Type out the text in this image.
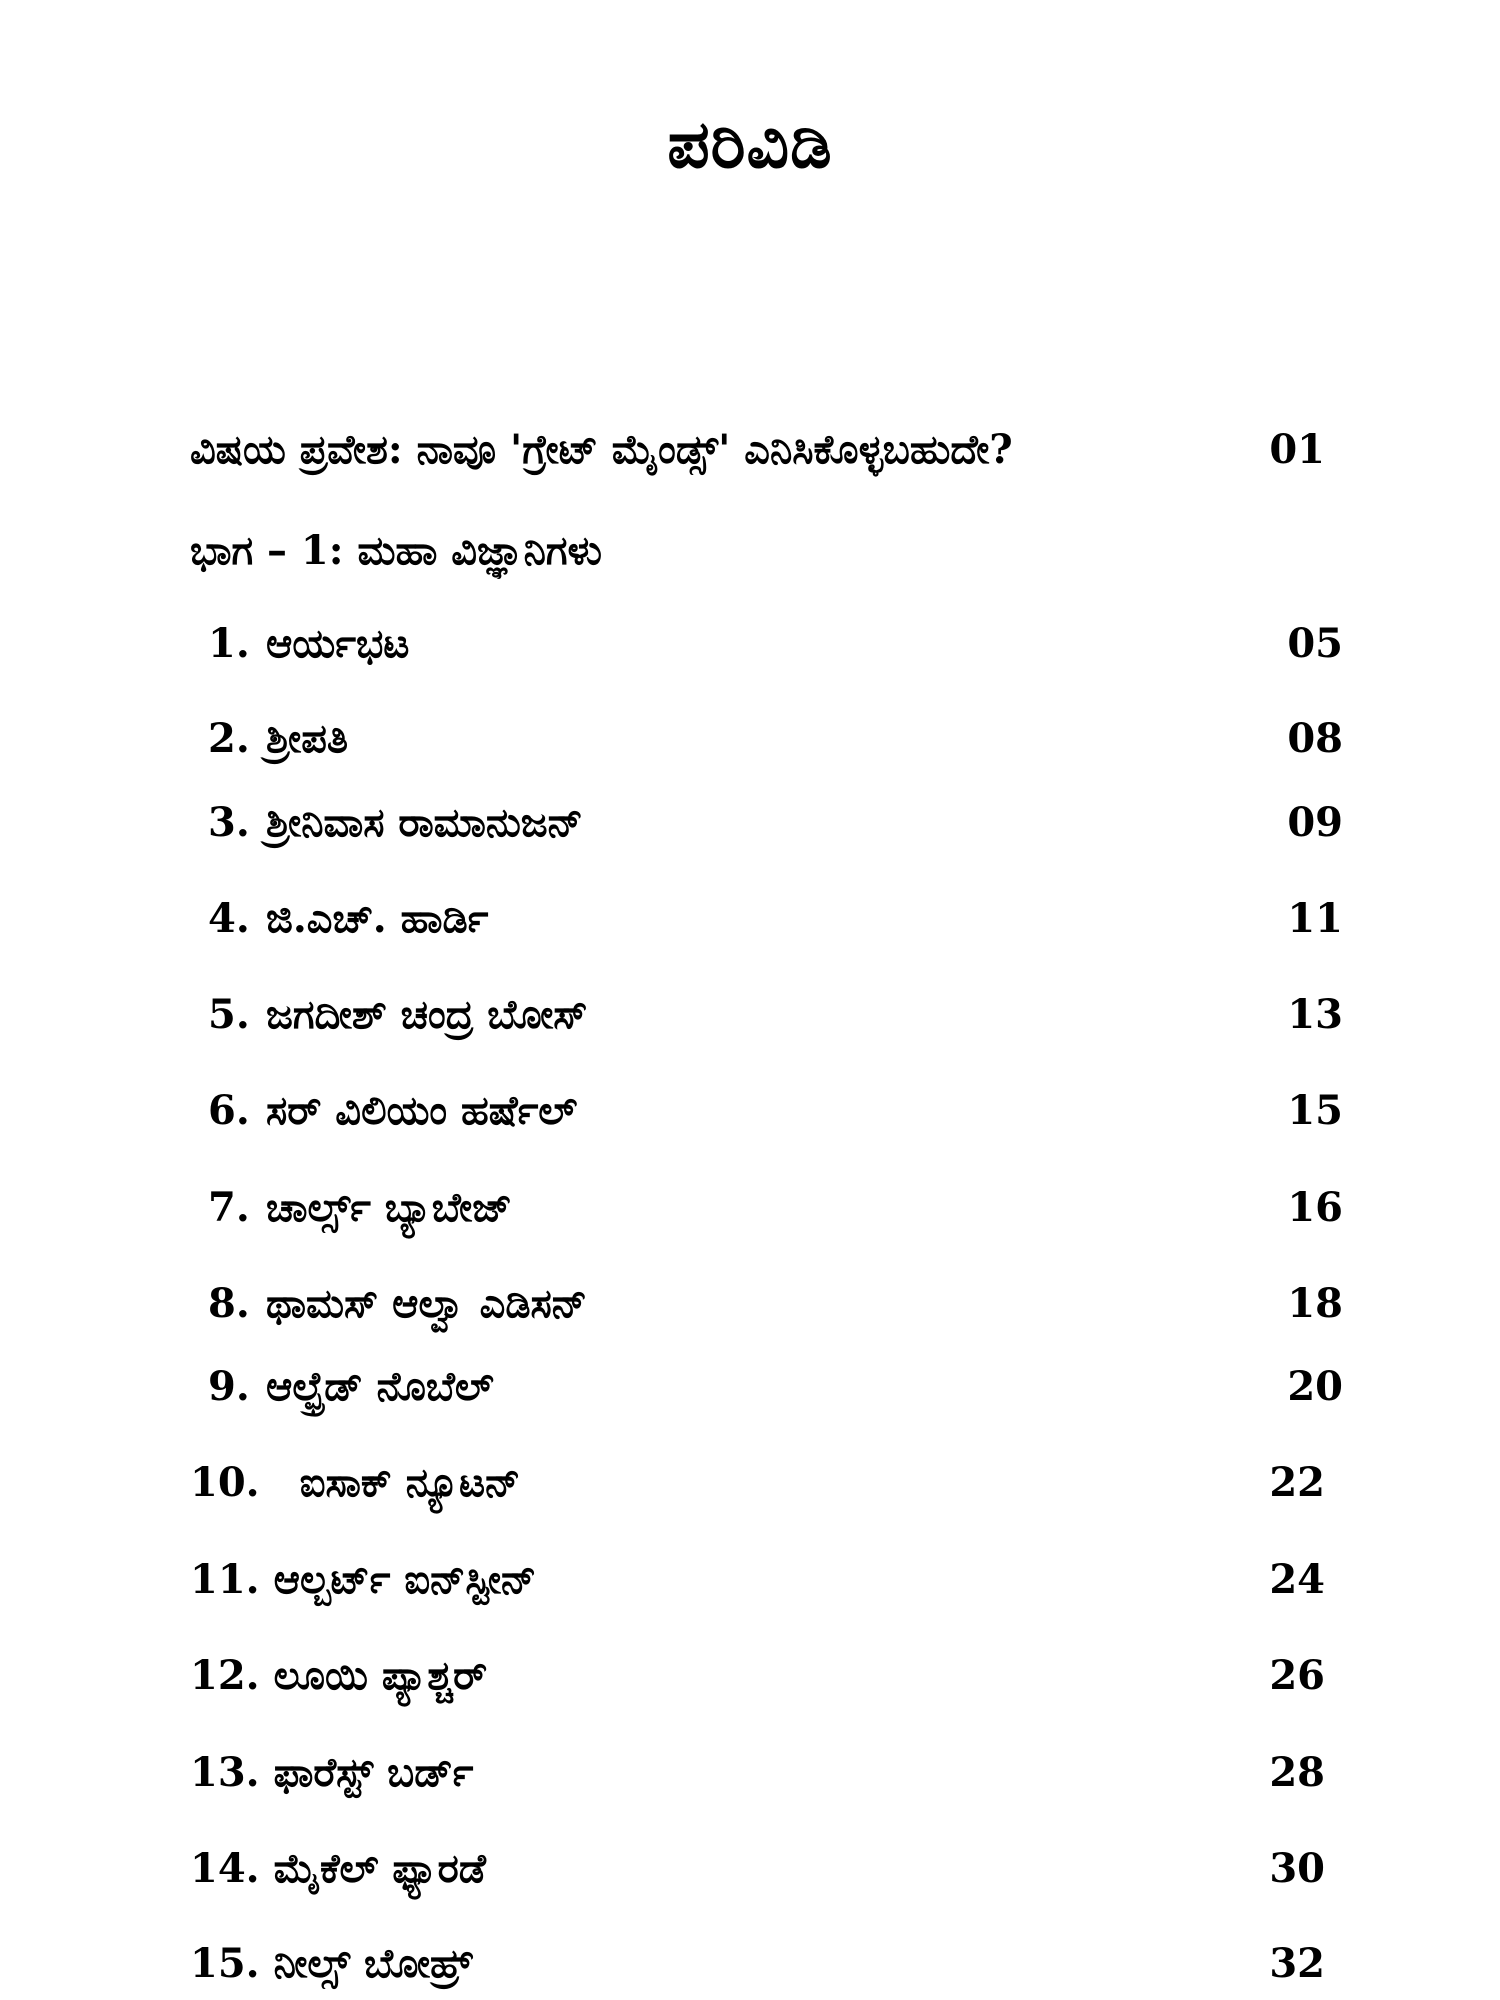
ಪರಿವಿಡಿ
ವಿಷಯ ಪ್ರವೇಶ: ನಾವೂ 'ಗ್ರೇಟ್ ಮೈಂಡ್ಸ್' ಎನಿಸಿಕೊಳ್ಳಬಹುದೇ?	01
ಭಾಗ – 1: ಮಹಾ ವಿಜ್ಞಾನಿಗಳು
1. ಆರ್ಯಭಟ	05
2. ಶ್ರೀಪತಿ	08
3. ಶ್ರೀನಿವಾಸ ರಾಮಾನುಜನ್	09
4. ಜಿ.ಎಚ್. ಹಾರ್ಡಿ	11
5. ಜಗದೀಶ್ ಚಂದ್ರ ಬೋಸ್	13
6. ಸರ್ ವಿಲಿಯಂ ಹರ್ಷೆಲ್	15
7. ಚಾರ್ಲ್ಸ್ ಬ್ಯಾಬೇಜ್	16
8. ಥಾಮಸ್ ಆಲ್ವಾ ಎಡಿಸನ್	18
9. ಆಲ್ಫ್ರೆಡ್ ನೊಬೆಲ್	20
10. ಐಸಾಕ್ ನ್ಯೂಟನ್	22
11. ಆಲ್ಬರ್ಟ್ ಐನ್‌ಸ್ಟೀನ್	24
12. ಲೂಯಿ ಪ್ಯಾಶ್ಚರ್	26
13. ಫಾರೆಸ್ಟ್ ಬರ್ಡ್	28
14. ಮೈಕೆಲ್ ಫ್ಯಾರಡೆ	30
15. ನೀಲ್ಸ್ ಬೋಹ್ರ್	32
